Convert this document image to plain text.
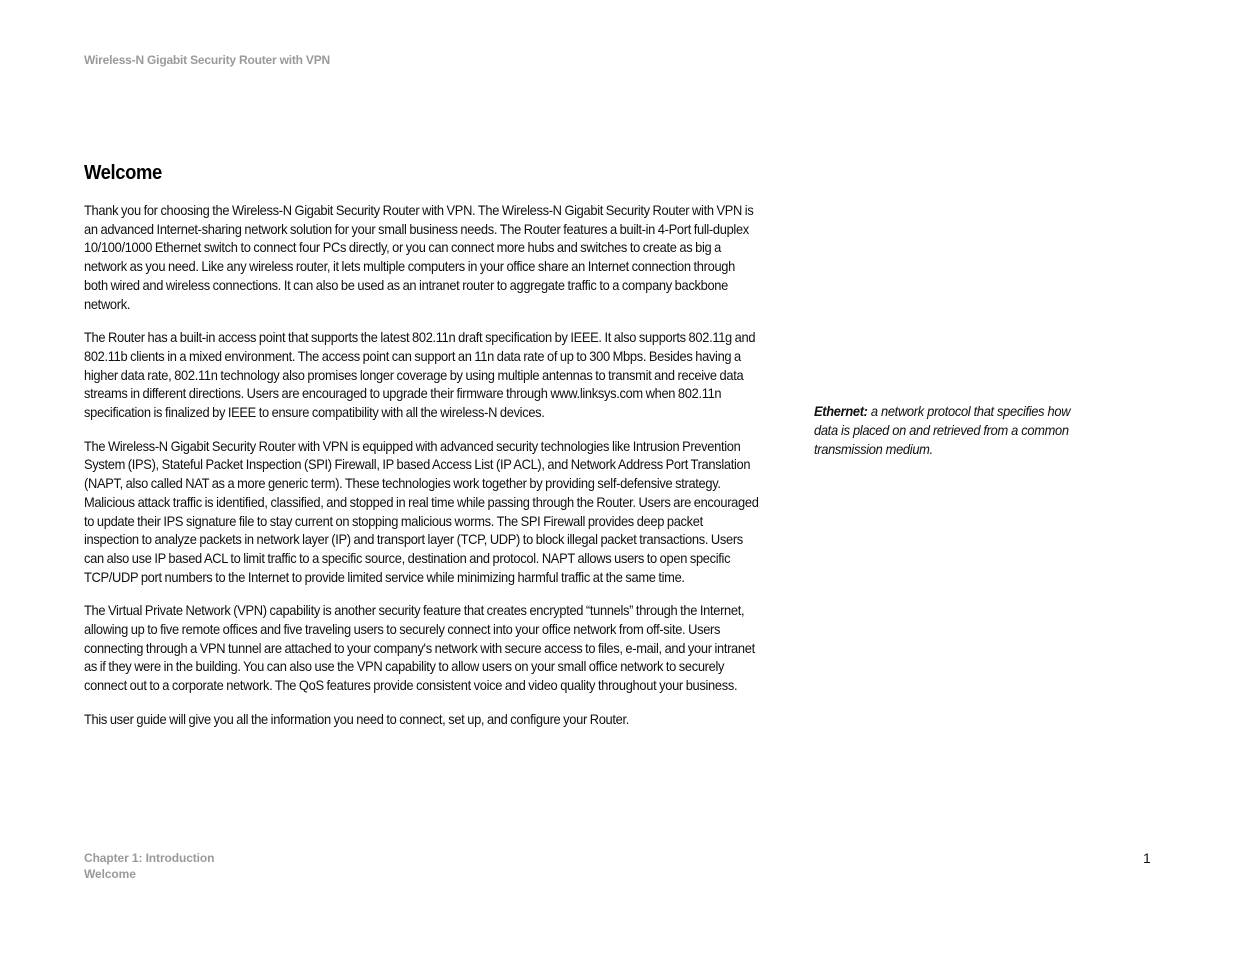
Wireless-N Gigabit Security Router with VPN
Welcome

Thank you for choosing the Wireless-N Gigabit Security Router with VPN. The Wireless-N Gigabit Security Router with VPN is an advanced Internet-sharing network solution for your small business needs. The Router features a built-in 4-Port full-duplex 10/100/1000 Ethernet switch to connect four PCs directly, or you can connect more hubs and switches to create as big a network as you need. Like any wireless router, it lets multiple computers in your office share an Internet connection through both wired and wireless connections. It can also be used as an intranet router to aggregate traffic to a company backbone network.

The Router has a built-in access point that supports the latest 802.11n draft specification by IEEE. It also supports 802.11g and 802.11b clients in a mixed environment. The access point can support an 11n data rate of up to 300 Mbps. Besides having a higher data rate, 802.11n technology also promises longer coverage by using multiple antennas to transmit and receive data streams in different directions. Users are encouraged to upgrade their firmware through www.linksys.com when 802.11n specification is finalized by IEEE to ensure compatibility with all the wireless-N devices.

The Wireless-N Gigabit Security Router with VPN is equipped with advanced security technologies like Intrusion Prevention System (IPS), Stateful Packet Inspection (SPI) Firewall, IP based Access List (IP ACL), and Network Address Port Translation (NAPT, also called NAT as a more generic term). These technologies work together by providing self-defensive strategy. Malicious attack traffic is identified, classified, and stopped in real time while passing through the Router. Users are encouraged to update their IPS signature file to stay current on stopping malicious worms. The SPI Firewall provides deep packet inspection to analyze packets in network layer (IP) and transport layer (TCP, UDP) to block illegal packet transactions. Users can also use IP based ACL to limit traffic to a specific source, destination and protocol. NAPT allows users to open specific TCP/UDP port numbers to the Internet to provide limited service while minimizing harmful traffic at the same time.

The Virtual Private Network (VPN) capability is another security feature that creates encrypted “tunnels” through the Internet, allowing up to five remote offices and five traveling users to securely connect into your office network from off-site. Users connecting through a VPN tunnel are attached to your company's network with secure access to files, e-mail, and your intranet as if they were in the building. You can also use the VPN capability to allow users on your small office network to securely connect out to a corporate network. The QoS features provide consistent voice and video quality throughout your business.

This user guide will give you all the information you need to connect, set up, and configure your Router.

Ethernet: a network protocol that specifies how data is placed on and retrieved from a common transmission medium.
Chapter 1: Introduction
Welcome
1
